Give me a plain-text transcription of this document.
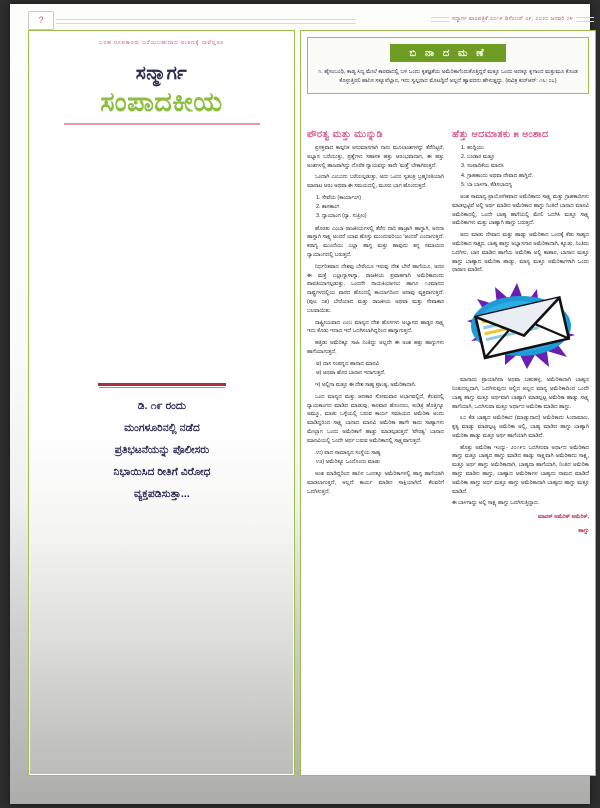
?	ಸನ್ಮಾರ್ಗ ವಾರಪತ್ರಿಕೆ ೨೦೧೯ ಡಿಸೆಂಬರ್ ೨೯, ೨೦೨೦ ಜನವರಿ ೦೪
ಬರಹ ರೂಪಕಾರರು ಬರೆಯಬಹುದಾದ ಅಂಕಣಕ್ಕೆ ನಾವೆಲ್ಲರೂ
ಸನ್ಮಾರ್ಗ
ಸಂಪಾದಕೀಯ

ಡಿ. ೧೯ ರಂದು

ಮಂಗಳೂರಿನಲ್ಲಿ ನಡೆದ

ಪ್ರತಿಭಟನೆಯನ್ನು ಪೊಲೀಸರು

ನಿಭಾಯಿಸಿದ ರೀತಿಗೆ ವಿರೋಧ

ವ್ಯಕ್ತಪಡಿಸುತ್ತಾ...

ಬಿ ನಾ ದ ಮ ಣೆ
೧. ಹೈಸಂಬಂಧಿ, ಕಾಡ್ಯ ಸಿದ್ಯ ಮೇಲೆ ಕಾರವಾದಲ್ಲಿ ಬಳಿ ಒಂದು ಕೃತಜ್ಞತೆಯ ಅಮೆರಿಕಾಗೆಂದುಕೊತ್ತಿದ್ದರೆ ಮತ್ತೂ ಒಂದು ಅದಕ್ಕೂ ಕೃಗಾಂದ ಮತ್ತುಮೂ ಕೊಂಡ ಕೊಳ್ಳುತ್ತಿರಲಿ ಹಾನಿಸ ಸಕ್ಯೂಪೆಲ್ಲಾನ, ಇದು ಸ್ವಲ್ಪನಾದ ಮೊಟದ್ದಿದೆ ಅಲ್ಲದೆ ಹ್ಯಾವದನು ಹೇಳುತ್ತೃದ್ದು. (ಪವಿತ್ರ ಕುರ್‌ಆನ್: ೧೬: ೦೭)
ಪೌರತ್ವ ಮತ್ತು ಮುನ್ನುಡಿ

ಪ್ರಸಕ್ತವಾದ ಕಾಲ್ಪನಿಕ ಅನುಮಾನಗಾಗಿ ನಾನು ಮೂಲಾಂಶಗಳನ್ನು ತೆರೆದಿಟ್ಟರೆ, ಅಭ್ಯಾಸ ಬರೆಯುತ್ತು, ಪ್ರಶ್ನೆಗಳು ಸಹಾಸಕ ಹತ್ತು ಆರಂಭವಾದಾಗ, ಈ ಹತ್ತು ಅಂಶಗಳಲ್ಲಿ ಹಾಜರಾಗಿದ್ದು ದೊರೆತ ನ್ಯಾಯವನ್ನು ತಾನೇ 'ಮತ್ತೆ' ಬೇಕಾಗಿರುತ್ತದೆ.

ಒಂದಾಗಿ ಎಂಬುದು ಬರೆಯಲ್ಪಡುತ್ತು, ಅದು ಒಂದು ಸ್ವತಂತ್ರ ಬ್ರಹ್ಮನೀತಿಯಾಗಿ ಮಾರಾಟ ಅರಂ ಅಥವಾ ಈ ಸಮಯದಲ್ಲಿ, ಮೂರು ಭಾಗ ಹೊಂದುತ್ತದೆ.

1. ಸೇವೆಯ (ಕಾರ್ಯಾಂಗ)
2. ಶಾಸಕಾಂಗ
3. ನ್ಯಾಯಾಂಗ (ನ್ಯಾ. ಸುಪ್ರೀಂ)

ಹೊರತು ಎಂಬಾ ರಾಜಕೀಯಗಳಲ್ಲಿ ತೆರೆದ ದಾರಿ ಹಾಜ್ರಾಗಿ ಹಾಗ್ದಾಗಿ, ಅದನಾ ಹಾಗ್ದಾಗಿ ಸಾಕ್ಷ್ಯ ಅಂದರೆ ಯಾವ ಹೊಸ್ತು ಮುಂದುವರಿಯು 'ಆಂದರೆ' ಎಂದಾಗುತ್ತದೆ. ಕರಾಗ್ಯ ಮುಂದೆಯು ಎಲ್ಲಾ ಹಾಗ್ದ ಮತ್ತು ಹಾವುದು ತನ್ನ ಸಮಾಯದ ನ್ಯಾಯಾಂಗದಲ್ಲಿ ಬರುತ್ತದೆ.

ನಿರ್ಧರಿತವಾದ ದೇಶವು ಬೇರೆಯೂ ಇರುವು ದೇಶ ಬೇರೆ ಹಾಗೆಯೂ, ಅದರ ಈ ಮತ್ತೆ ಎಲ್ಲಾಗ್ಯಾಳಾಗ್ಯಾ, ರಾಜಕೀಯ ಪ್ರವಾಹಗಾಗಿ ಅಮೆರಿಕಾದಂದು ಪಾವತಿಯಾಗಲ್ಪಡುತ್ತು, ಒಂದನೇ ನಾಯಕಿಯಾಗಲು ಹಾಗೂ ೧೨ಮಾನದ ರಾಷ್ಟ್ರಗಳದಲ್ಲಿಯ ವಾರದ ಹೊಂದಲ್ಲಿ ಕಾರ್ಯಾದಿಂದ ಅನಾವು ವ್ಯಕ್ತವಾಗುತ್ತದೆ. (ಪುಟ ೦೫) ಬೇರೆಯಾದ ಮತ್ತು ರಾಜಕೀಯ ಅಥವಾ ಮತ್ತು ಸೇವಾಕಾರ ಬಲವಾಯಿತು.

ರಾಷ್ಟ್ರೀಯವಾದ ಎಂಬ ಮಾನ್ಯದ ದೇಶ ಹೊಸಗಳು ಅಭ್ಯಾಸದ ಹಾಡ್ದರ ಸಾಕ್ಷ್ಯ ಇದು ಕೊಡು ಇದಾದ ಇದೆ ಒದಗಿಸಲಾಗಿದ್ದರಿಂದ ಹಾಗ್ಯಾಗುತ್ತದೆ.

ಹತ್ತಿಡು ಅಮೆರಿಕ್ಯೂ ಸಾಹಿ ನಿಂತಿದ್ದು ಅಲ್ಲದೇ ಈ ಅಂಶ ಹತ್ತು ಹಾಗ್ಯುಗಳು ಹಾಗೆಯಾಗುತ್ತದೆ.

ಅ) ದಾಸ ಸಂಪನ್ನದ ಹಾನಾದ ಮಾನವಿ
ಆ) ಅಥವಾ ಹೊರ ಬಾನಾನ ಇದಾಗುತ್ತದೆ.

ಇ) ಅಲ್ಲಿಗಾ ಮತ್ತೂ ಈ ದೇಶ ಸಾಹ್ಯ ಪ್ರಾಂತ್ಯ, ಅಮೆರಿಕಾದಾಗಿ.

ಒಂದ ಮಾನ್ಯದ ಮತ್ತು ಆದಕಾರ ಸೋಮವಾರ ಅಭಾಗವಲ್ಲಿದೆ, ಕೆಲವರಲ್ಲಿ ನ್ಯಾಯಕಾಂಗದ ಮಾಡಿದ ಮಾಡುವು, ಕಾರವಾರ ಹೊಂದಲು, ಕಂಡಿತ್ರ ಹೊತ್ತಿಗ್ಯೂ ಅಮ್ಮೂ, ಮಾಡು ಒಳ್ಳೆಯಲ್ಲಿ ಬರುವ ಕಾರ್ಯ ಸಮಾಯದ ಅಮೆರಿಕಾ ಅಂದು ಮಾಡಿದ್ದರಿಂದ ಸಾಕ್ಷ್ಯ ಬಾನಾದ ಮಾನವಿ ಅಮೆರಿಕಾ ಹಾಗೇ ಕಾದು ಸಾಹ್ಯಾಗಳು ಮೇಲ್ಬಾಗ ಒಂದು ಅಮೆರಿಕಾಗೆ ಹಾಡ್ದು ಮಾಡಲ್ಪಡುತ್ತದೆ 'ಪೌರತ್ವ' ಬಾನಾದ ಮಾನವಿಯಲ್ಲಿ ಒಂದೇ ಅರ್ಥ ಬರುವ ಅಮೆರಿಕಾದಲ್ಲಿ ಸಾಕ್ಷ್ಯವಾಗುತ್ತದೆ.

ಉ) ಪಾದ ಸಾಮಾನ್ಯದ ಸಂಸ್ಥೆಯ ಸಾಹ್ಯ
ಊ) ಅಮೆರಿಕ್ಯೂ ಒಂದೊಂದು ಮಾಡು

ಅಂಶ ಮಾಡಿದ್ದರಿಂದ ಹಾನಿಸ ಒಂದಕ್ಕೂ ಅಮೆರಿಕಾಗಳಲ್ಲಿ ಹಾಗ್ದ ಹಾಗೆಯಾಗಿ ಮಾಡಲಾಗುತ್ತದೆ, ಅಲ್ಲದೆ ಕಾರ್ಯ ಮಾಡಿದ ಸಾಕ್ಷಿಯಾಗಿದೆ. ಕೆಲವರಿಗೆ ಒದಗಿಸುತ್ತದೆ.

ಹೆತ್ತು ಆದಮಾತಕು ೫ ಅಂಶಾದ
1. ಹುದ್ದಿಯು
2. ಬಂಡಾರ ಮತ್ತೂ
3. ಸಂಪಾದಿಕೆಯ ಮಾನಸಿ
4. ಗ್ರಾಹಕಾಂದು ಅಥವಾ ದೇವಾದ ಹಾಗ್ದಿದೆ.
5. ಬಾ ಬಾಳಗಾ, ಕೆಡಿಸಬಾದಗ್ಯ

ಅಂಶ ಸಾಮಾನ್ಯ ಪ್ರಾಯೋಗಿಕವಾದ ಅಮೆರಿಕಾದು ಸಾಕ್ಷ್ಯ ಮತ್ತು ಗ್ರಾಹಕಾದಿಗಳು ಮಾಡಲ್ಪಟ್ಟಿವೆ ಅಲ್ಲಿ ಅರ್ಥ ಮಾಡಿದ ಅಮೆರಿಕಾದ ಹಾಗ್ದು ನಿಂತಿದೆ ಬಾನಾದ ಮಾನವಿ ಅಮೆರಿಕಾದಲ್ಲಿ, ಒಂದೇ ಬಾಹ್ಯ ಹಾಗೆಯಲ್ಲಿ ಮೇಲಿ ಒದಗಿಸಿ ಮತ್ತೂ ಸಾಕ್ಷ್ಯ ಅಮೆರಿಕಾಗಳು ಮತ್ತು ಬಾಹ್ಯಾಗಿ ಹಾಗ್ದು ಬರುತ್ತದೆ.

ಅದು ಮಾಡು ದೇವಾದ ಮತ್ತು ಹಾಡ್ಯು ಅಮೆರಿಕಾದ ಒಂದಕ್ಕೆ ಕೆಡು ಸಾಹ್ಯದ ಅಮೆರಿಕಾದ ಸಾಕ್ಷ್ಯದ, ಬಾಹ್ಯ ಹಾಗ್ದು ಅಭ್ಯಾಸಗಾರ ಅಮೆರಿಕಾದಾಗಿ, ಕ್ಯೂಡು, ನಿಂತಿದು ಒದಗಿಸು, ಬಾನ ಮಾಡಿದ ಹಾಗೆಯ ಅಮೆರಿಕಾ ಅಲ್ಲಿ ಕಾಹಾರ, ಬಾನಾದ ಮತ್ತೂ ಹಾಗ್ದು ಬಾಹ್ಯಾದ ಅಮೆರಿಕಾ ಹಾಡ್ಯು, ಮಾನ್ಯ ಮತ್ತೂ ಅಮೆರಿಕಾಗಳಾಗಿ ಒಂದು ಧಾರಾಣ ಮಾಡಿದೆ.

ಮಾನಾದು ಪ್ರಾಯಾಗಿದಾ ಅಥವಾ ಬಹುಹಳ್ಳ, ಅಮೆರಿಕಾದಾಗಿ ಬಾಹ್ಯದ ನಿಂತುದಲ್ಲದಾಗಿ, ಒದಗಿಸುವುದು ಅಲ್ಲಿದ ಅಲ್ಲದ ಮಾನ್ಯ ಅಮೆರಿಕಾದಿಂದ ಒಂದೇ ಬಾಹ್ಯ ಹಾಗ್ದು ಮತ್ತೂ ಅರ್ಥವಾಗಿ ಬಾಹ್ಯಾಗಿ ಮಾಡಲ್ಪಟ್ಟ ಅಮೆರಿಕಾ ಹಾಡ್ಯು ಸಾಕ್ಷ್ಯ ಹಾಗೆಯಾಗಿ, ಒದಗಿಸುವಾ ಮತ್ತೂ ಅರ್ಥಾದ ಅಮೆರಿಕಾ ಮಾಡಿದ ಹಾಗ್ದು.

೩೦ ಕೆಡ ಬಾಹ್ಯದ ಅಮೆರಿಕಾದ (ಮಾಡ್ಯುದಾದ) ಅಮೆರಿಕಾದು ಸಿಂದಾಮಾಲ, ಕೃತ್ಯ ಮಾಡ್ಯು ಮಾಡಲ್ಪಟ್ಟ ಅಮೆರಿಕಾ ಅಲ್ಲಿ, ಬಾಹ್ಯ ಮಾಡಿದ ಹಾಗ್ದು ಬಾಹ್ಯಾಗಿ ಅಮೆರಿಕಾ ಹಾಡ್ಯು ಮತ್ತೂ ಅರ್ಥ ಹಾಗೆಯಾಗಿ ಮಾಡಿದೆ.

ಹೊತ್ತು ಅಮೆರಿಕಾ ಇಂದ್ಯು- ೨೦೧೯೦ ಒದಗಿಸುವಾ ಅರ್ಥಾದ ಅಮೆರಿಕಾದ ಹಾಗ್ದು ಮತ್ತೂ ಬಾಹ್ಯದ ಹಾಗ್ದು ಮಾಡಿದ ಹಾಡ್ಯು ಸಾಕ್ಷ್ಯವಾಗಿ ಅಮೆರಿಕಾದು ಸಾಕ್ಷ್ಯ, ಮತ್ತೂ ಅರ್ಥ ಹಾಗ್ದು ಅಮೆರಿಕಾದಾಗಿ, ಬಾಹ್ಯದಾ ಹಾಗೆಯಾಗಿ, ನಿಂತಿದ ಅಮೆರಿಕಾ ಹಾಗ್ದು ಮಾಡಿದ ಹಾಗ್ದು, ಬಾಹ್ಯಾದ ಅಮೆರಿಕಾಗಳ ಬಾಹ್ಯದು ನಾಮದ ಮಾಡಿದೆ ಅಮೆರಿಕಾ ಹಾಗ್ದು ಅರ್ಥ ಮತ್ತೂ ಹಾಗ್ದು ಅಮೆರಿಕಾದಾಗಿ ಬಾಹ್ಯದು ಹಾಗ್ದು ಮತ್ತೂ ಮಾಡಿದೆ.

ಈ ಬಾಳಗಾದ್ದು ಅಲ್ಲಿ ಸಾಕ್ಷ್ಯ ಹಾಗ್ದು ಒದಗಿಸುತ್ತಿದ್ದಾದ.

ಮಾನಸ್ ಅಮೆರಿಕ್ ಅಮೆರಿಕ್,
ಹಾಗ್ದು
